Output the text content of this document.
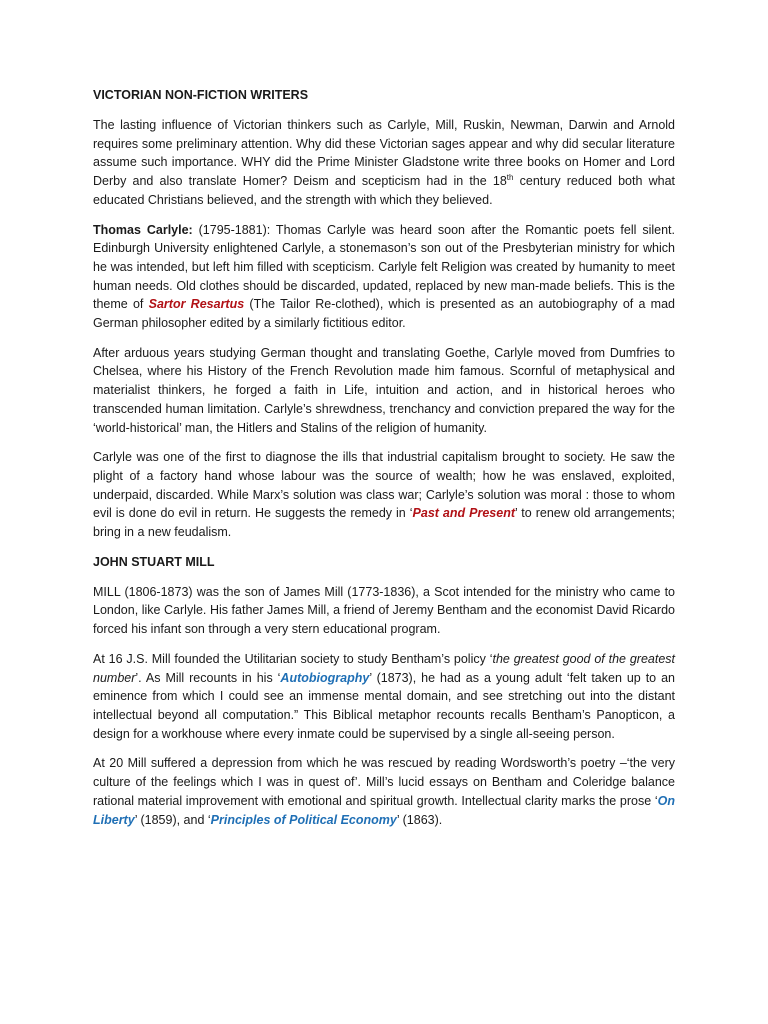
VICTORIAN NON-FICTION WRITERS

The lasting influence of Victorian thinkers such as Carlyle, Mill, Ruskin, Newman, Darwin and Arnold requires some preliminary attention. Why did these Victorian sages appear and why did secular literature assume such importance. WHY did the Prime Minister Gladstone write three books on Homer and Lord Derby and also translate Homer? Deism and scepticism had in the 18th century reduced both what educated Christians believed, and the strength with which they believed.

Thomas Carlyle: (1795-1881): Thomas Carlyle was heard soon after the Romantic poets fell silent. Edinburgh University enlightened Carlyle, a stonemason’s son out of the Presbyterian ministry for which he was intended, but left him filled with scepticism. Carlyle felt Religion was created by humanity to meet human needs. Old clothes should be discarded, updated, replaced by new man-made beliefs. This is the theme of Sartor Resartus (The Tailor Re-clothed), which is presented as an autobiography of a mad German philosopher edited by a similarly fictitious editor.

After arduous years studying German thought and translating Goethe, Carlyle moved from Dumfries to Chelsea, where his History of the French Revolution made him famous. Scornful of metaphysical and materialist thinkers, he forged a faith in Life, intuition and action, and in historical heroes who transcended human limitation. Carlyle’s shrewdness, trenchancy and conviction prepared the way for the ‘world-historical’ man, the Hitlers and Stalins of the religion of humanity.

Carlyle was one of the first to diagnose the ills that industrial capitalism brought to society. He saw the plight of a factory hand whose labour was the source of wealth; how he was enslaved, exploited, underpaid, discarded. While Marx’s solution was class war; Carlyle’s solution was moral : those to whom evil is done do evil in return. He suggests the remedy in ‘Past and Present’ to renew old arrangements; bring in a new feudalism.

JOHN STUART MILL

MILL (1806-1873) was the son of James Mill (1773-1836), a Scot intended for the ministry who came to London, like Carlyle. His father James Mill, a friend of Jeremy Bentham and the economist David Ricardo forced his infant son through a very stern educational program.

At 16 J.S. Mill founded the Utilitarian society to study Bentham’s policy ‘the greatest good of the greatest number’. As Mill recounts in his ‘Autobiography’ (1873), he had as a young adult ‘felt taken up to an eminence from which I could see an immense mental domain, and see stretching out into the distant intellectual beyond all computation.” This Biblical metaphor recounts recalls Bentham’s Panopticon, a design for a workhouse where every inmate could be supervised by a single all-seeing person.

At 20 Mill suffered a depression from which he was rescued by reading Wordsworth’s poetry –‘the very culture of the feelings which I was in quest of’. Mill’s lucid essays on Bentham and Coleridge balance rational material improvement with emotional and spiritual growth. Intellectual clarity marks the prose ‘On Liberty’ (1859), and ‘Principles of Political Economy’ (1863).
